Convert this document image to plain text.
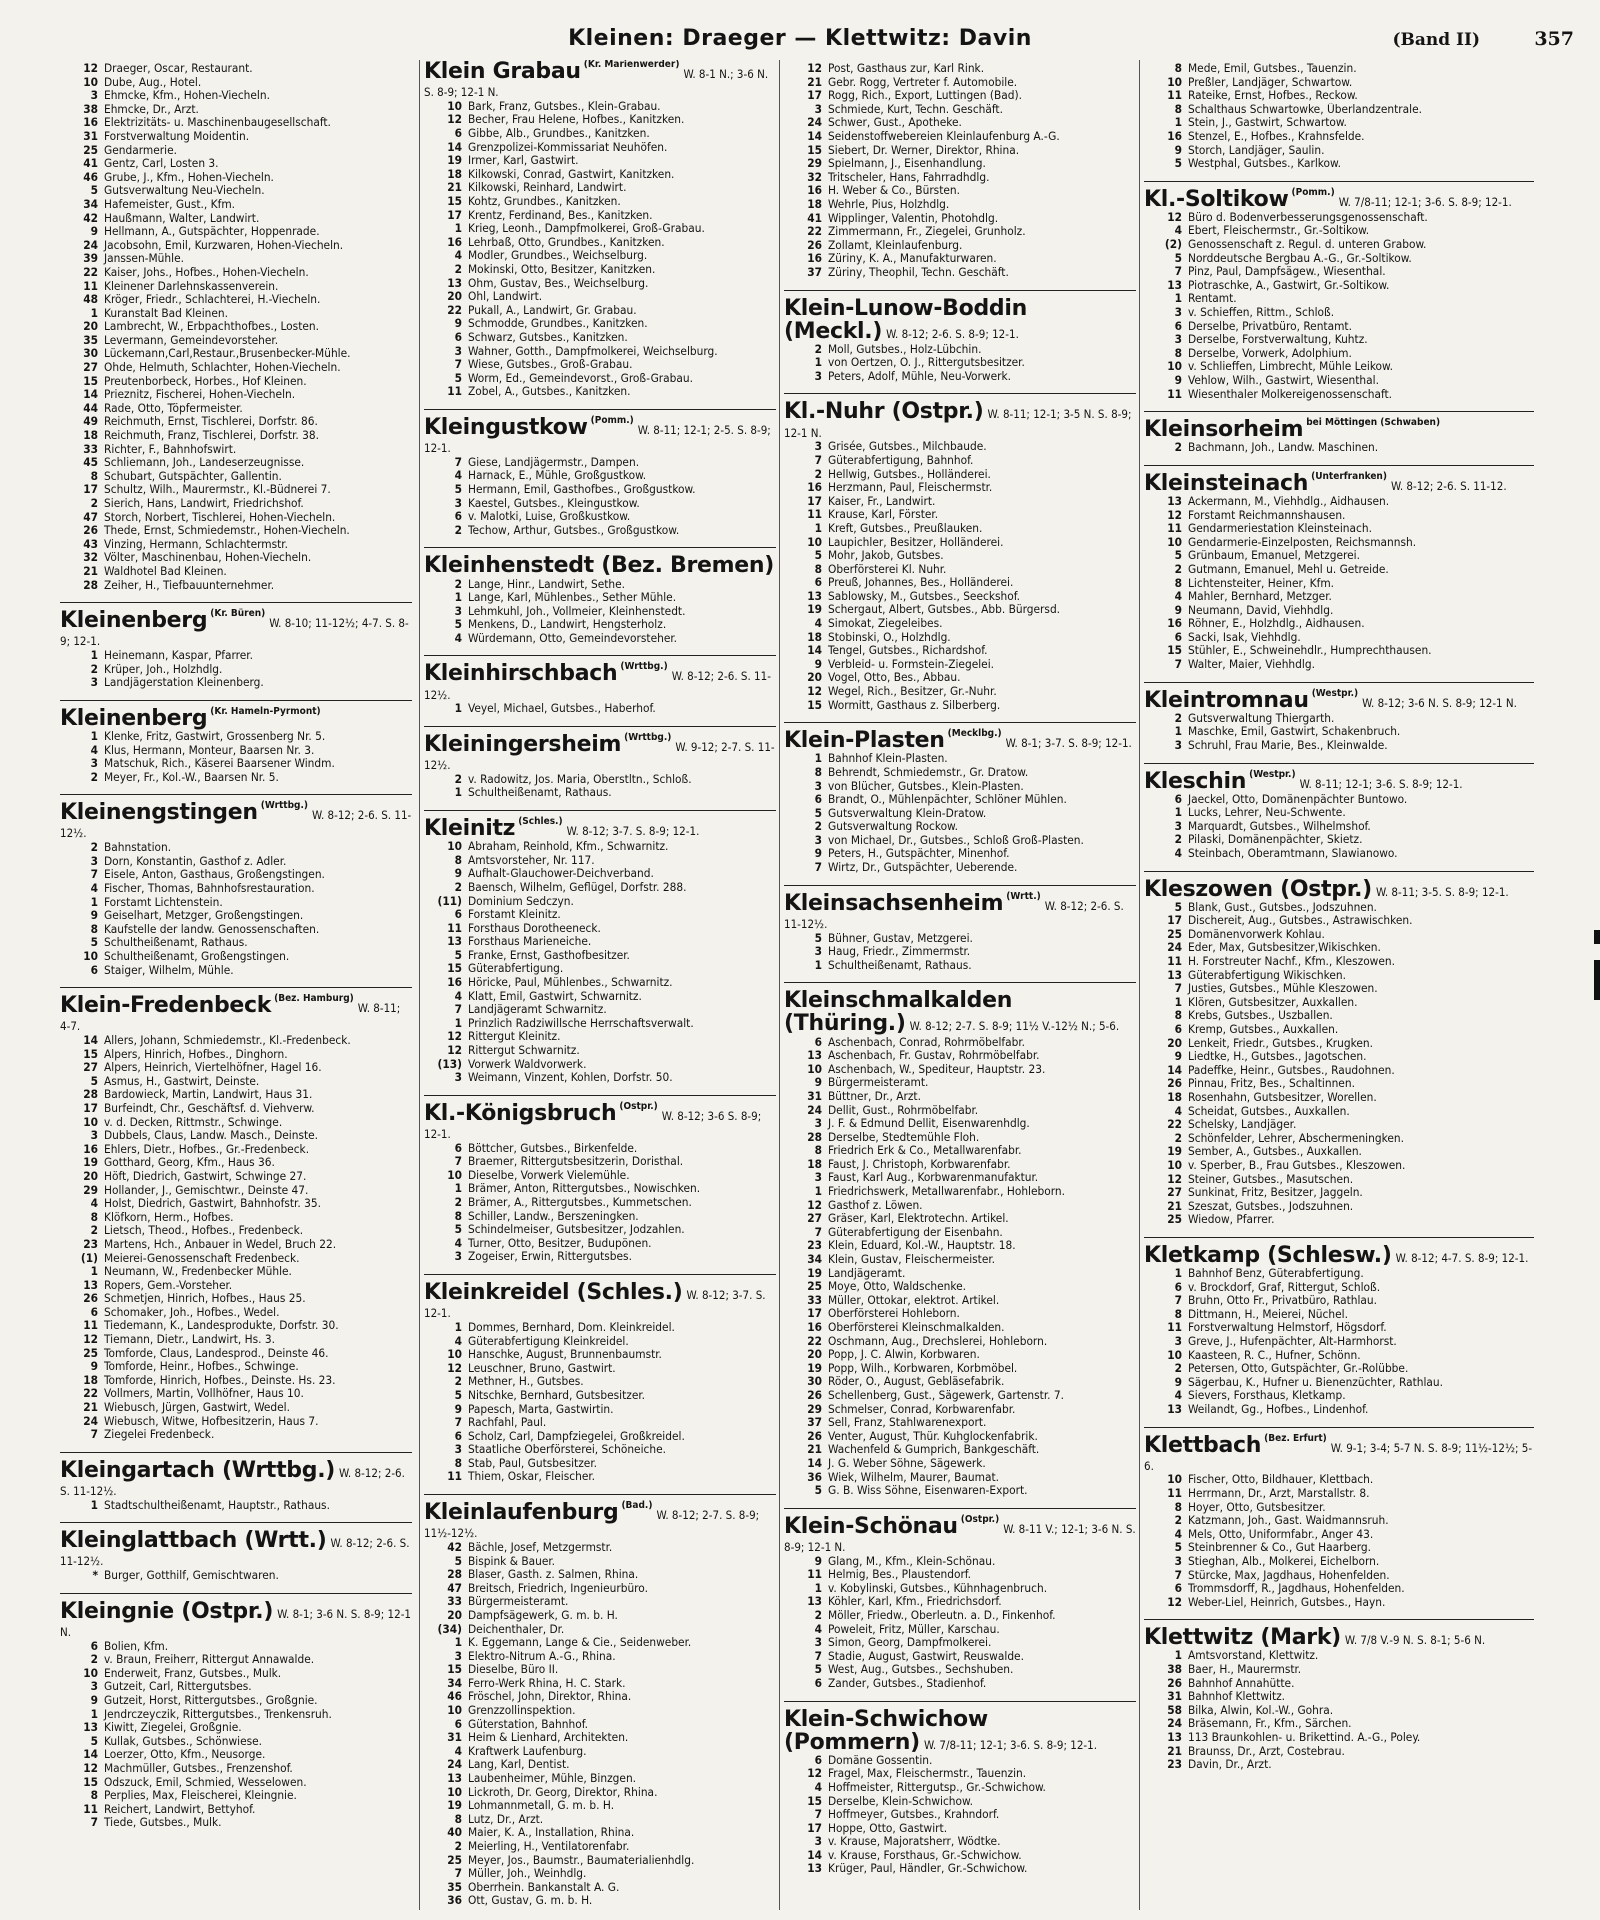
Kleinen: Draeger — Klettwitz: Davin	(Band II)	357
12 Draeger, Oscar, Restaurant.
10 Dube, Aug., Hotel.
3 Ehmcke, Kfm., Hohen-Viecheln.
38 Ehmcke, Dr., Arzt.
16 Elektrizitäts- u. Maschinenbaugesellschaft.
31 Forstverwaltung Moidentin.
25 Gendarmerie.
41 Gentz, Carl, Losten 3.
46 Grube, J., Kfm., Hohen-Viecheln.
5 Gutsverwaltung Neu-Viecheln.
34 Hafemeister, Gust., Kfm.
42 Haußmann, Walter, Landwirt.
9 Hellmann, A., Gutspächter, Hoppenrade.
24 Jacobsohn, Emil, Kurzwaren, Hohen-Viecheln.
39 Janssen-Mühle.
22 Kaiser, Johs., Hofbes., Hohen-Viecheln.
11 Kleinener Darlehnskassenverein.
48 Kröger, Friedr., Schlachterei, H.-Viecheln.
1 Kuranstalt Bad Kleinen.
20 Lambrecht, W., Erbpachthofbes., Losten.
35 Levermann, Gemeindevorsteher.
30 Lückemann,Carl,Restaur.,Brusenbecker-Mühle.
27 Ohde, Helmuth, Schlachter, Hohen-Viecheln.
15 Preutenborbeck, Horbes., Hof Kleinen.
14 Prieznitz, Fischerei, Hohen-Viecheln.
44 Rade, Otto, Töpfermeister.
49 Reichmuth, Ernst, Tischlerei, Dorfstr. 86.
18 Reichmuth, Franz, Tischlerei, Dorfstr. 38.
33 Richter, F., Bahnhofswirt.
45 Schliemann, Joh., Landeserzeugnisse.
8 Schubart, Gutspächter, Gallentin.
17 Schultz, Wilh., Maurermstr., Kl.-Büdnerei 7.
2 Sierich, Hans, Landwirt, Friedrichshof.
47 Storch, Norbert, Tischlerei, Hohen-Viecheln.
26 Thede, Ernst, Schmiedemstr., Hohen-Viecheln.
43 Vinzing, Hermann, Schlachtermstr.
32 Völter, Maschinenbau, Hohen-Viecheln.
21 Waldhotel Bad Kleinen.
28 Zeiher, H., Tiefbauunternehmer.
Kleinenberg $^{(Kr. Büren)}$W. 8-10; 11-12½; 4-7. S. 8-9; 12-1.
1 Heinemann, Kaspar, Pfarrer.
2 Krüper, Joh., Holzhdlg.
3 Landjägerstation Kleinenberg.
Kleinenberg $^{(Kr. Hameln-Pyrmont)}$
1 Klenke, Fritz, Gastwirt, Grossenberg Nr. 5.
4 Klus, Hermann, Monteur, Baarsen Nr. 3.
3 Matschuk, Rich., Käserei Baarsener Windm.
2 Meyer, Fr., Kol.-W., Baarsen Nr. 5.
Kleinengstingen $^{(Wrttbg.)}$W. 8-12; 2-6. S. 11-12½.
2 Bahnstation.
3 Dorn, Konstantin, Gasthof z. Adler.
7 Eisele, Anton, Gasthaus, Großengstingen.
4 Fischer, Thomas, Bahnhofsrestauration.
1 Forstamt Lichtenstein.
9 Geiselhart, Metzger, Großengstingen.
8 Kaufstelle der landw. Genossenschaften.
5 Schultheißenamt, Rathaus.
10 Schultheißenamt, Großengstingen.
6 Staiger, Wilhelm, Mühle.
Klein-Fredenbeck $^{(Bez. Hamburg)}$W. 8-11; 4-7.
14 Allers, Johann, Schmiedemstr., Kl.-Fredenbeck.
15 Alpers, Hinrich, Hofbes., Dinghorn.
27 Alpers, Heinrich, Viertelhöfner, Hagel 16.
5 Asmus, H., Gastwirt, Deinste.
28 Bardowieck, Martin, Landwirt, Haus 31.
17 Burfeindt, Chr., Geschäftsf. d. Viehverw.
10 v. d. Decken, Rittmstr., Schwinge.
3 Dubbels, Claus, Landw. Masch., Deinste.
16 Ehlers, Dietr., Hofbes., Gr.-Fredenbeck.
19 Gotthard, Georg, Kfm., Haus 36.
20 Höft, Diedrich, Gastwirt, Schwinge 27.
29 Hollander, J., Gemischtwr., Deinste 47.
4 Holst, Diedrich, Gastwirt, Bahnhofstr. 35.
8 Klöfkorn, Herm., Hofbes.
2 Lietsch, Theod., Hofbes., Fredenbeck.
23 Martens, Hch., Anbauer in Wedel, Bruch 22.
(1) Meierei-Genossenschaft Fredenbeck.
1 Neumann, W., Fredenbecker Mühle.
13 Ropers, Gem.-Vorsteher.
26 Schmetjen, Hinrich, Hofbes., Haus 25.
6 Schomaker, Joh., Hofbes., Wedel.
11 Tiedemann, K., Landesprodukte, Dorfstr. 30.
12 Tiemann, Dietr., Landwirt, Hs. 3.
25 Tomforde, Claus, Landesprod., Deinste 46.
9 Tomforde, Heinr., Hofbes., Schwinge.
18 Tomforde, Hinrich, Hofbes., Deinste. Hs. 23.
22 Vollmers, Martin, Vollhöfner, Haus 10.
21 Wiebusch, Jürgen, Gastwirt, Wedel.
24 Wiebusch, Witwe, Hofbesitzerin, Haus 7.
7 Ziegelei Fredenbeck.
Kleingartach (Wrttbg.) W. 8-12; 2-6. S. 11-12½.
1 Stadtschultheißenamt, Hauptstr., Rathaus.
Kleinglattbach (Wrtt.) W. 8-12; 2-6. S. 11-12½.
* Burger, Gotthilf, Gemischtwaren.
Kleingnie (Ostpr.) W. 8-1; 3-6 N. S. 8-9; 12-1 N.
6 Bolien, Kfm.
2 v. Braun, Freiherr, Rittergut Annawalde.
10 Enderweit, Franz, Gutsbes., Mulk.
3 Gutzeit, Carl, Rittergutsbes.
9 Gutzeit, Horst, Rittergutsbes., Großgnie.
1 Jendrczeyczik, Rittergutsbes., Trenkensruh.
13 Kiwitt, Ziegelei, Großgnie.
5 Kullak, Gutsbes., Schönwiese.
14 Loerzer, Otto, Kfm., Neusorge.
12 Machmüller, Gutsbes., Frenzenshof.
15 Odszuck, Emil, Schmied, Wesselowen.
8 Perplies, Max, Fleischerei, Kleingnie.
11 Reichert, Landwirt, Bettyhof.
7 Tiede, Gutsbes., Mulk.
Klein Grabau $^{(Kr. Marienwerder)}$W. 8-1 N.; 3-6 N. S. 8-9; 12-1 N.
10 Bark, Franz, Gutsbes., Klein-Grabau.
12 Becher, Frau Helene, Hofbes., Kanitzken.
6 Gibbe, Alb., Grundbes., Kanitzken.
14 Grenzpolizei-Kommissariat Neuhöfen.
19 Irmer, Karl, Gastwirt.
18 Kilkowski, Conrad, Gastwirt, Kanitzken.
21 Kilkowski, Reinhard, Landwirt.
15 Kohtz, Grundbes., Kanitzken.
17 Krentz, Ferdinand, Bes., Kanitzken.
1 Krieg, Leonh., Dampfmolkerei, Groß-Grabau.
16 Lehrbaß, Otto, Grundbes., Kanitzken.
4 Modler, Grundbes., Weichselburg.
2 Mokinski, Otto, Besitzer, Kanitzken.
13 Ohm, Gustav, Bes., Weichselburg.
20 Ohl, Landwirt.
22 Pukall, A., Landwirt, Gr. Grabau.
9 Schmodde, Grundbes., Kanitzken.
6 Schwarz, Gutsbes., Kanitzken.
3 Wahner, Gotth., Dampfmolkerei, Weichselburg.
7 Wiese, Gutsbes., Groß-Grabau.
5 Worm, Ed., Gemeindevorst., Groß-Grabau.
11 Zobel, A., Gutsbes., Kanitzken.
Kleingustkow $^{(Pomm.)}$W. 8-11; 12-1; 2-5. S. 8-9; 12-1.
7 Giese, Landjägermstr., Dampen.
4 Harnack, E., Mühle, Großgustkow.
5 Hermann, Emil, Gasthofbes., Großgustkow.
3 Kaestel, Gutsbes., Kleingustkow.
6 v. Malotki, Luise, Großkustkow.
2 Techow, Arthur, Gutsbes., Großgustkow.
Kleinhenstedt (Bez. Bremen)
2 Lange, Hinr., Landwirt, Sethe.
1 Lange, Karl, Mühlenbes., Sether Mühle.
3 Lehmkuhl, Joh., Vollmeier, Kleinhenstedt.
5 Menkens, D., Landwirt, Hengsterholz.
4 Würdemann, Otto, Gemeindevorsteher.
Kleinhirschbach $^{(Wrttbg.)}$W. 8-12; 2-6. S. 11-12½.
1 Veyel, Michael, Gutsbes., Haberhof.
Kleiningersheim $^{(Wrttbg.)}$W. 9-12; 2-7. S. 11-12½.
2 v. Radowitz, Jos. Maria, Oberstltn., Schloß.
1 Schultheißenamt, Rathaus.
Kleinitz $^{(Schles.)}$W. 8-12; 3-7. S. 8-9; 12-1.
10 Abraham, Reinhold, Kfm., Schwarnitz.
8 Amtsvorsteher, Nr. 117.
9 Aufhalt-Glauchower-Deichverband.
2 Baensch, Wilhelm, Geflügel, Dorfstr. 288.
(11) Dominium Sedczyn.
6 Forstamt Kleinitz.
11 Forsthaus Dorotheeneck.
13 Forsthaus Marieneiche.
5 Franke, Ernst, Gasthofbesitzer.
15 Güterabfertigung.
16 Höricke, Paul, Mühlenbes., Schwarnitz.
4 Klatt, Emil, Gastwirt, Schwarnitz.
7 Landjägeramt Schwarnitz.
1 Prinzlich Radziwillsche Herrschaftsverwalt.
12 Rittergut Kleinitz.
12 Rittergut Schwarnitz.
(13) Vorwerk Waldvorwerk.
3 Weimann, Vinzent, Kohlen, Dorfstr. 50.
Kl.-Königsbruch $^{(Ostpr.)}$W. 8-12; 3-6 S. 8-9; 12-1.
6 Böttcher, Gutsbes., Birkenfelde.
7 Braemer, Rittergutsbesitzerin, Doristhal.
10 Dieselbe, Vorwerk Vielemühle.
1 Brämer, Anton, Rittergutsbes., Nowischken.
2 Brämer, A., Rittergutsbes., Kummetschen.
8 Schiller, Landw., Berszeningken.
5 Schindelmeiser, Gutsbesitzer, Jodzahlen.
4 Turner, Otto, Besitzer, Budupönen.
3 Zogeiser, Erwin, Rittergutsbes.
Kleinkreidel (Schles.) W. 8-12; 3-7. S. 12-1.
1 Dommes, Bernhard, Dom. Kleinkreidel.
4 Güterabfertigung Kleinkreidel.
10 Hanschke, August, Brunnenbaumstr.
12 Leuschner, Bruno, Gastwirt.
2 Methner, H., Gutsbes.
5 Nitschke, Bernhard, Gutsbesitzer.
9 Papesch, Marta, Gastwirtin.
7 Rachfahl, Paul.
6 Scholz, Carl, Dampfziegelei, Großkreidel.
3 Staatliche Oberförsterei, Schöneiche.
8 Stab, Paul, Gutsbesitzer.
11 Thiem, Oskar, Fleischer.
Kleinlaufenburg $^{(Bad.)}$W. 8-12; 2-7. S. 8-9; 11½-12½.
42 Bächle, Josef, Metzgermstr.
5 Bispink & Bauer.
28 Blaser, Gasth. z. Salmen, Rhina.
47 Breitsch, Friedrich, Ingenieurbüro.
33 Bürgermeisteramt.
20 Dampfsägewerk, G. m. b. H.
(34) Deichenthaler, Dr.
1 K. Eggemann, Lange & Cie., Seidenweber.
3 Elektro-Nitrum A.-G., Rhina.
15 Dieselbe, Büro II.
34 Ferro-Werk Rhina, H. C. Stark.
46 Fröschel, John, Direktor, Rhina.
10 Grenzzollinspektion.
6 Güterstation, Bahnhof.
31 Heim & Lienhard, Architekten.
4 Kraftwerk Laufenburg.
24 Lang, Karl, Dentist.
13 Laubenheimer, Mühle, Binzgen.
10 Lickroth, Dr. Georg, Direktor, Rhina.
19 Lohmannmetall, G. m. b. H.
8 Lutz, Dr., Arzt.
40 Maier, K. A., Installation, Rhina.
2 Meierling, H., Ventilatorenfabr.
25 Meyer, Jos., Baumstr., Baumaterialienhdlg.
7 Müller, Joh., Weinhdlg.
35 Oberrhein. Bankanstalt A. G.
36 Ott, Gustav, G. m. b. H.
12 Post, Gasthaus zur, Karl Rink.
21 Gebr. Rogg, Vertreter f. Automobile.
17 Rogg, Rich., Export, Luttingen (Bad).
3 Schmiede, Kurt, Techn. Geschäft.
24 Schwer, Gust., Apotheke.
14 Seidenstoffwebereien Kleinlaufenburg A.-G.
15 Siebert, Dr. Werner, Direktor, Rhina.
29 Spielmann, J., Eisenhandlung.
32 Tritscheler, Hans, Fahrradhdlg.
16 H. Weber & Co., Bürsten.
18 Wehrle, Pius, Holzhdlg.
41 Wipplinger, Valentin, Photohdlg.
22 Zimmermann, Fr., Ziegelei, Grunholz.
26 Zollamt, Kleinlaufenburg.
16 Züriny, K. A., Manufakturwaren.
37 Züriny, Theophil, Techn. Geschäft.
Klein-Lunow-Boddin (Meckl.) W. 8-12; 2-6. S. 8-9; 12-1.
2 Moll, Gutsbes., Holz-Lübchin.
1 von Oertzen, O. J., Rittergutsbesitzer.
3 Peters, Adolf, Mühle, Neu-Vorwerk.
Kl.-Nuhr (Ostpr.) W. 8-11; 12-1; 3-5 N. S. 8-9; 12-1 N.
3 Grisée, Gutsbes., Milchbaude.
7 Güterabfertigung, Bahnhof.
2 Hellwig, Gutsbes., Holländerei.
16 Herzmann, Paul, Fleischermstr.
17 Kaiser, Fr., Landwirt.
11 Krause, Karl, Förster.
1 Kreft, Gutsbes., Preußlauken.
10 Laupichler, Besitzer, Holländerei.
5 Mohr, Jakob, Gutsbes.
8 Oberförsterei Kl. Nuhr.
6 Preuß, Johannes, Bes., Holländerei.
13 Sablowsky, M., Gutsbes., Seeckshof.
19 Schergaut, Albert, Gutsbes., Abb. Bürgersd.
4 Simokat, Ziegeleibes.
18 Stobinski, O., Holzhdlg.
14 Tengel, Gutsbes., Richardshof.
9 Verbleid- u. Formstein-Ziegelei.
20 Vogel, Otto, Bes., Abbau.
12 Wegel, Rich., Besitzer, Gr.-Nuhr.
15 Wormitt, Gasthaus z. Silberberg.
Klein-Plasten $^{(Mecklbg.)}$W. 8-1; 3-7. S. 8-9; 12-1.
1 Bahnhof Klein-Plasten.
8 Behrendt, Schmiedemstr., Gr. Dratow.
3 von Blücher, Gutsbes., Klein-Plasten.
6 Brandt, O., Mühlenpächter, Schlöner Mühlen.
5 Gutsverwaltung Klein-Dratow.
2 Gutsverwaltung Rockow.
3 von Michael, Dr., Gutsbes., Schloß Groß-Plasten.
9 Peters, H., Gutspächter, Minenhof.
7 Wirtz, Dr., Gutspächter, Ueberende.
Kleinsachsenheim $^{(Wrtt.)}$W. 8-12; 2-6. S. 11-12½.
5 Bühner, Gustav, Metzgerei.
3 Haug, Friedr., Zimmermstr.
1 Schultheißenamt, Rathaus.
Kleinschmalkalden (Thüring.) W. 8-12; 2-7. S. 8-9; 11½ V.-12½ N.; 5-6.
6 Aschenbach, Conrad, Rohrmöbelfabr.
13 Aschenbach, Fr. Gustav, Rohrmöbelfabr.
10 Aschenbach, W., Spediteur, Hauptstr. 23.
9 Bürgermeisteramt.
31 Büttner, Dr., Arzt.
24 Dellit, Gust., Rohrmöbelfabr.
3 J. F. & Edmund Dellit, Eisenwarenhdlg.
28 Derselbe, Stedtemühle Floh.
8 Friedrich Erk & Co., Metallwarenfabr.
18 Faust, J. Christoph, Korbwarenfabr.
3 Faust, Karl Aug., Korbwarenmanufaktur.
1 Friedrichswerk, Metallwarenfabr., Hohleborn.
12 Gasthof z. Löwen.
27 Gräser, Karl, Elektrotechn. Artikel.
7 Güterabfertigung der Eisenbahn.
23 Klein, Eduard, Kol.-W., Hauptstr. 18.
34 Klein, Gustav, Fleischermeister.
19 Landjägeramt.
25 Moye, Otto, Waldschenke.
33 Müller, Ottokar, elektrot. Artikel.
17 Oberförsterei Hohleborn.
16 Oberförsterei Kleinschmalkalden.
22 Oschmann, Aug., Drechslerei, Hohleborn.
20 Popp, J. C. Alwin, Korbwaren.
19 Popp, Wilh., Korbwaren, Korbmöbel.
30 Röder, O., August, Gebläsefabrik.
26 Schellenberg, Gust., Sägewerk, Gartenstr. 7.
29 Schmelser, Conrad, Korbwarenfabr.
37 Sell, Franz, Stahlwarenexport.
26 Venter, August, Thür. Kuhglockenfabrik.
21 Wachenfeld & Gumprich, Bankgeschäft.
14 J. G. Weber Söhne, Sägewerk.
36 Wiek, Wilhelm, Maurer, Baumat.
5 G. B. Wiss Söhne, Eisenwaren-Export.
Klein-Schönau $^{(Ostpr.)}$W. 8-11 V.; 12-1; 3-6 N. S. 8-9; 12-1 N.
9 Glang, M., Kfm., Klein-Schönau.
11 Helmig, Bes., Plaustendorf.
1 v. Kobylinski, Gutsbes., Kühnhagenbruch.
13 Köhler, Karl, Kfm., Friedrichsdorf.
2 Möller, Friedw., Oberleutn. a. D., Finkenhof.
4 Poweleit, Fritz, Müller, Karschau.
3 Simon, Georg, Dampfmolkerei.
7 Stadie, August, Gastwirt, Reuswalde.
5 West, Aug., Gutsbes., Sechshuben.
6 Zander, Gutsbes., Stadienhof.
Klein-Schwichow (Pommern) W. 7/8-11; 12-1; 3-6. S. 8-9; 12-1.
6 Domäne Gossentin.
12 Fragel, Max, Fleischermstr., Tauenzin.
4 Hoffmeister, Rittergutsp., Gr.-Schwichow.
15 Derselbe, Klein-Schwichow.
7 Hoffmeyer, Gutsbes., Krahndorf.
17 Hoppe, Otto, Gastwirt.
3 v. Krause, Majoratsherr, Wödtke.
14 v. Krause, Forsthaus, Gr.-Schwichow.
13 Krüger, Paul, Händler, Gr.-Schwichow.
8 Mede, Emil, Gutsbes., Tauenzin.
10 Preßler, Landjäger, Schwartow.
11 Rateike, Ernst, Hofbes., Reckow.
8 Schalthaus Schwartowke, Überlandzentrale.
1 Stein, J., Gastwirt, Schwartow.
16 Stenzel, E., Hofbes., Krahnsfelde.
9 Storch, Landjäger, Saulin.
5 Westphal, Gutsbes., Karlkow.
Kl.-Soltikow $^{(Pomm.)}$W. 7/8-11; 12-1; 3-6. S. 8-9; 12-1.
12 Büro d. Bodenverbesserungsgenossenschaft.
4 Ebert, Fleischermstr., Gr.-Soltikow.
(2) Genossenschaft z. Regul. d. unteren Grabow.
5 Norddeutsche Bergbau A.-G., Gr.-Soltikow.
7 Pinz, Paul, Dampfsägew., Wiesenthal.
13 Piotraschke, A., Gastwirt, Gr.-Soltikow.
1 Rentamt.
3 v. Schieffen, Rittm., Schloß.
6 Derselbe, Privatbüro, Rentamt.
3 Derselbe, Forstverwaltung, Kuhtz.
8 Derselbe, Vorwerk, Adolphium.
10 v. Schlieffen, Limbrecht, Mühle Leikow.
9 Vehlow, Wilh., Gastwirt, Wiesenthal.
11 Wiesenthaler Molkereigenossenschaft.
Kleinsorheim $^{bei Möttingen (Schwaben)}$
2 Bachmann, Joh., Landw. Maschinen.
Kleinsteinach $^{(Unterfranken)}$W. 8-12; 2-6. S. 11-12.
13 Ackermann, M., Viehhdlg., Aidhausen.
12 Forstamt Reichmannshausen.
11 Gendarmeriestation Kleinsteinach.
10 Gendarmerie-Einzelposten, Reichsmannsh.
5 Grünbaum, Emanuel, Metzgerei.
2 Gutmann, Emanuel, Mehl u. Getreide.
8 Lichtensteiter, Heiner, Kfm.
4 Mahler, Bernhard, Metzger.
9 Neumann, David, Viehhdlg.
16 Röhner, E., Holzhdlg., Aidhausen.
6 Sacki, Isak, Viehhdlg.
15 Stühler, E., Schweinehdlr., Humprechthausen.
7 Walter, Maier, Viehhdlg.
Kleintromnau $^{(Westpr.)}$W. 8-12; 3-6 N. S. 8-9; 12-1 N.
2 Gutsverwaltung Thiergarth.
1 Maschke, Emil, Gastwirt, Schakenbruch.
3 Schruhl, Frau Marie, Bes., Kleinwalde.
Kleschin $^{(Westpr.)}$W. 8-11; 12-1; 3-6. S. 8-9; 12-1.
6 Jaeckel, Otto, Domänenpächter Buntowo.
1 Lucks, Lehrer, Neu-Schwente.
3 Marquardt, Gutsbes., Wilhelmshof.
2 Pilaski, Domänenpächter, Skietz.
4 Steinbach, Oberamtmann, Slawianowo.
Kleszowen (Ostpr.) W. 8-11; 3-5. S. 8-9; 12-1.
5 Blank, Gust., Gutsbes., Jodszuhnen.
17 Dischereit, Aug., Gutsbes., Astrawischken.
25 Domänenvorwerk Kohlau.
24 Eder, Max, Gutsbesitzer,Wikischken.
11 H. Forstreuter Nachf., Kfm., Kleszowen.
13 Güterabfertigung Wikischken.
7 Justies, Gutsbes., Mühle Kleszowen.
1 Klören, Gutsbesitzer, Auxkallen.
8 Krebs, Gutsbes., Uszballen.
6 Kremp, Gutsbes., Auxkallen.
20 Lenkeit, Friedr., Gutsbes., Krugken.
9 Liedtke, H., Gutsbes., Jagotschen.
14 Padeffke, Heinr., Gutsbes., Raudohnen.
26 Pinnau, Fritz, Bes., Schaltinnen.
18 Rosenhahn, Gutsbesitzer, Worellen.
4 Scheidat, Gutsbes., Auxkallen.
22 Schelsky, Landjäger.
2 Schönfelder, Lehrer, Abschermeningken.
19 Sember, A., Gutsbes., Auxkallen.
10 v. Sperber, B., Frau Gutsbes., Kleszowen.
12 Steiner, Gutsbes., Masutschen.
27 Sunkinat, Fritz, Besitzer, Jaggeln.
21 Szeszat, Gutsbes., Jodszuhnen.
25 Wiedow, Pfarrer.
Kletkamp (Schlesw.) W. 8-12; 4-7. S. 8-9; 12-1.
1 Bahnhof Benz, Güterabfertigung.
6 v. Brockdorf, Graf, Rittergut, Schloß.
7 Bruhn, Otto Fr., Privatbüro, Rathlau.
8 Dittmann, H., Meierei, Nüchel.
11 Forstverwaltung Helmstorf, Högsdorf.
3 Greve, J., Hufenpächter, Alt-Harmhorst.
10 Kaasteen, R. C., Hufner, Schönn.
2 Petersen, Otto, Gutspächter, Gr.-Rolübbe.
9 Sägerbau, K., Hufner u. Bienenzüchter, Rathlau.
4 Sievers, Forsthaus, Kletkamp.
13 Weilandt, Gg., Hofbes., Lindenhof.
Klettbach $^{(Bez. Erfurt)}$W. 9-1; 3-4; 5-7 N. S. 8-9; 11½-12½; 5-6.
10 Fischer, Otto, Bildhauer, Klettbach.
11 Herrmann, Dr., Arzt, Marstallstr. 8.
8 Hoyer, Otto, Gutsbesitzer.
2 Katzmann, Joh., Gast. Waidmannsruh.
4 Mels, Otto, Uniformfabr., Anger 43.
5 Steinbrenner & Co., Gut Haarberg.
3 Stieghan, Alb., Molkerei, Eichelborn.
7 Stürcke, Max, Jagdhaus, Hohenfelden.
6 Trommsdorff, R., Jagdhaus, Hohenfelden.
12 Weber-Liel, Heinrich, Gutsbes., Hayn.
Klettwitz (Mark) W. 7/8 V.-9 N. S. 8-1; 5-6 N.
1 Amtsvorstand, Klettwitz.
38 Baer, H., Maurermstr.
26 Bahnhof Annahütte.
31 Bahnhof Klettwitz.
58 Bilka, Alwin, Kol.-W., Gohra.
24 Bräsemann, Fr., Kfm., Särchen.
13 113 Braunkohlen- u. Brikettind. A.-G., Poley.
21 Braunss, Dr., Arzt, Costebrau.
23 Davin, Dr., Arzt.
